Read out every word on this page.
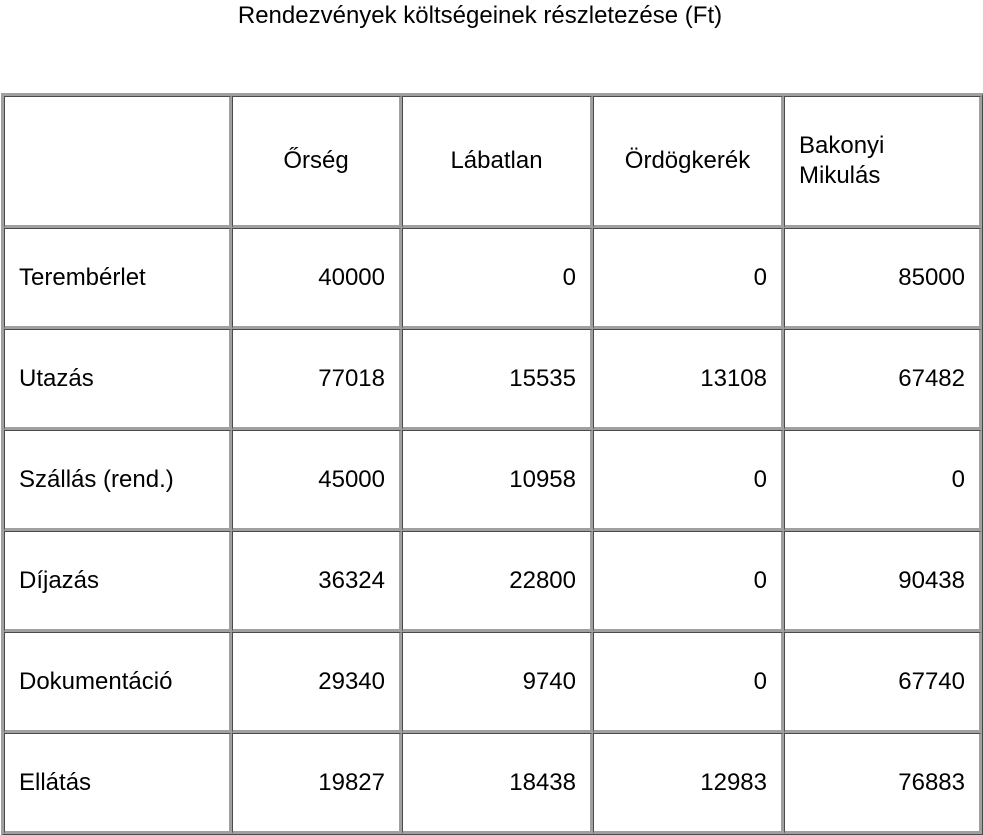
Rendezvények költségeinek részletezése (Ft)
	Őrség	Lábatlan	Ördögkerék	Bakonyi Mikulás
Terembérlet	40000	0	0	85000
Utazás	77018	15535	13108	67482
Szállás (rend.)	45000	10958	0	0
Díjazás	36324	22800	0	90438
Dokumentáció	29340	9740	0	67740
Ellátás	19827	18438	12983	76883
